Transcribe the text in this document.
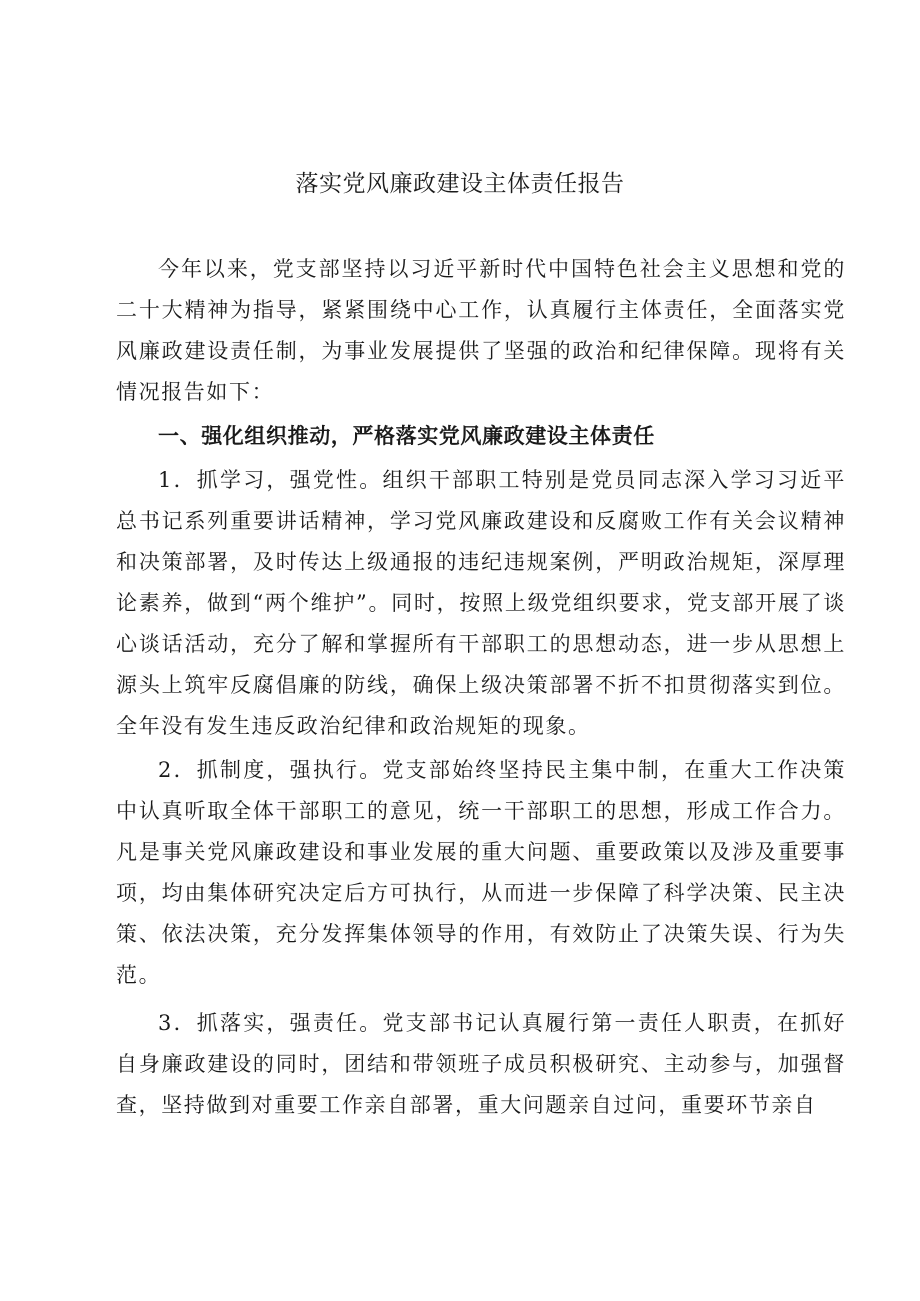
落实党风廉政建设主体责任报告

今年以来，党支部坚持以习近平新时代中国特色社会主义思想和党的二十大精神为指导，紧紧围绕中心工作，认真履行主体责任，全面落实党风廉政建设责任制，为事业发展提供了坚强的政治和纪律保障。现将有关情况报告如下：

一、强化组织推动，严格落实党风廉政建设主体责任

1．抓学习，强党性。组织干部职工特别是党员同志深入学习习近平总书记系列重要讲话精神，学习党风廉政建设和反腐败工作有关会议精神和决策部署，及时传达上级通报的违纪违规案例，严明政治规矩，深厚理论素养，做到“两个维护”。同时，按照上级党组织要求，党支部开展了谈心谈话活动，充分了解和掌握所有干部职工的思想动态，进一步从思想上源头上筑牢反腐倡廉的防线，确保上级决策部署不折不扣贯彻落实到位。全年没有发生违反政治纪律和政治规矩的现象。

2．抓制度，强执行。党支部始终坚持民主集中制，在重大工作决策中认真听取全体干部职工的意见，统一干部职工的思想，形成工作合力。凡是事关党风廉政建设和事业发展的重大问题、重要政策以及涉及重要事项，均由集体研究决定后方可执行，从而进一步保障了科学决策、民主决策、依法决策，充分发挥集体领导的作用，有效防止了决策失误、行为失范。

3．抓落实，强责任。党支部书记认真履行第一责任人职责，在抓好自身廉政建设的同时，团结和带领班子成员积极研究、主动参与，加强督查，坚持做到对重要工作亲自部署，重大问题亲自过问，重要环节亲自
